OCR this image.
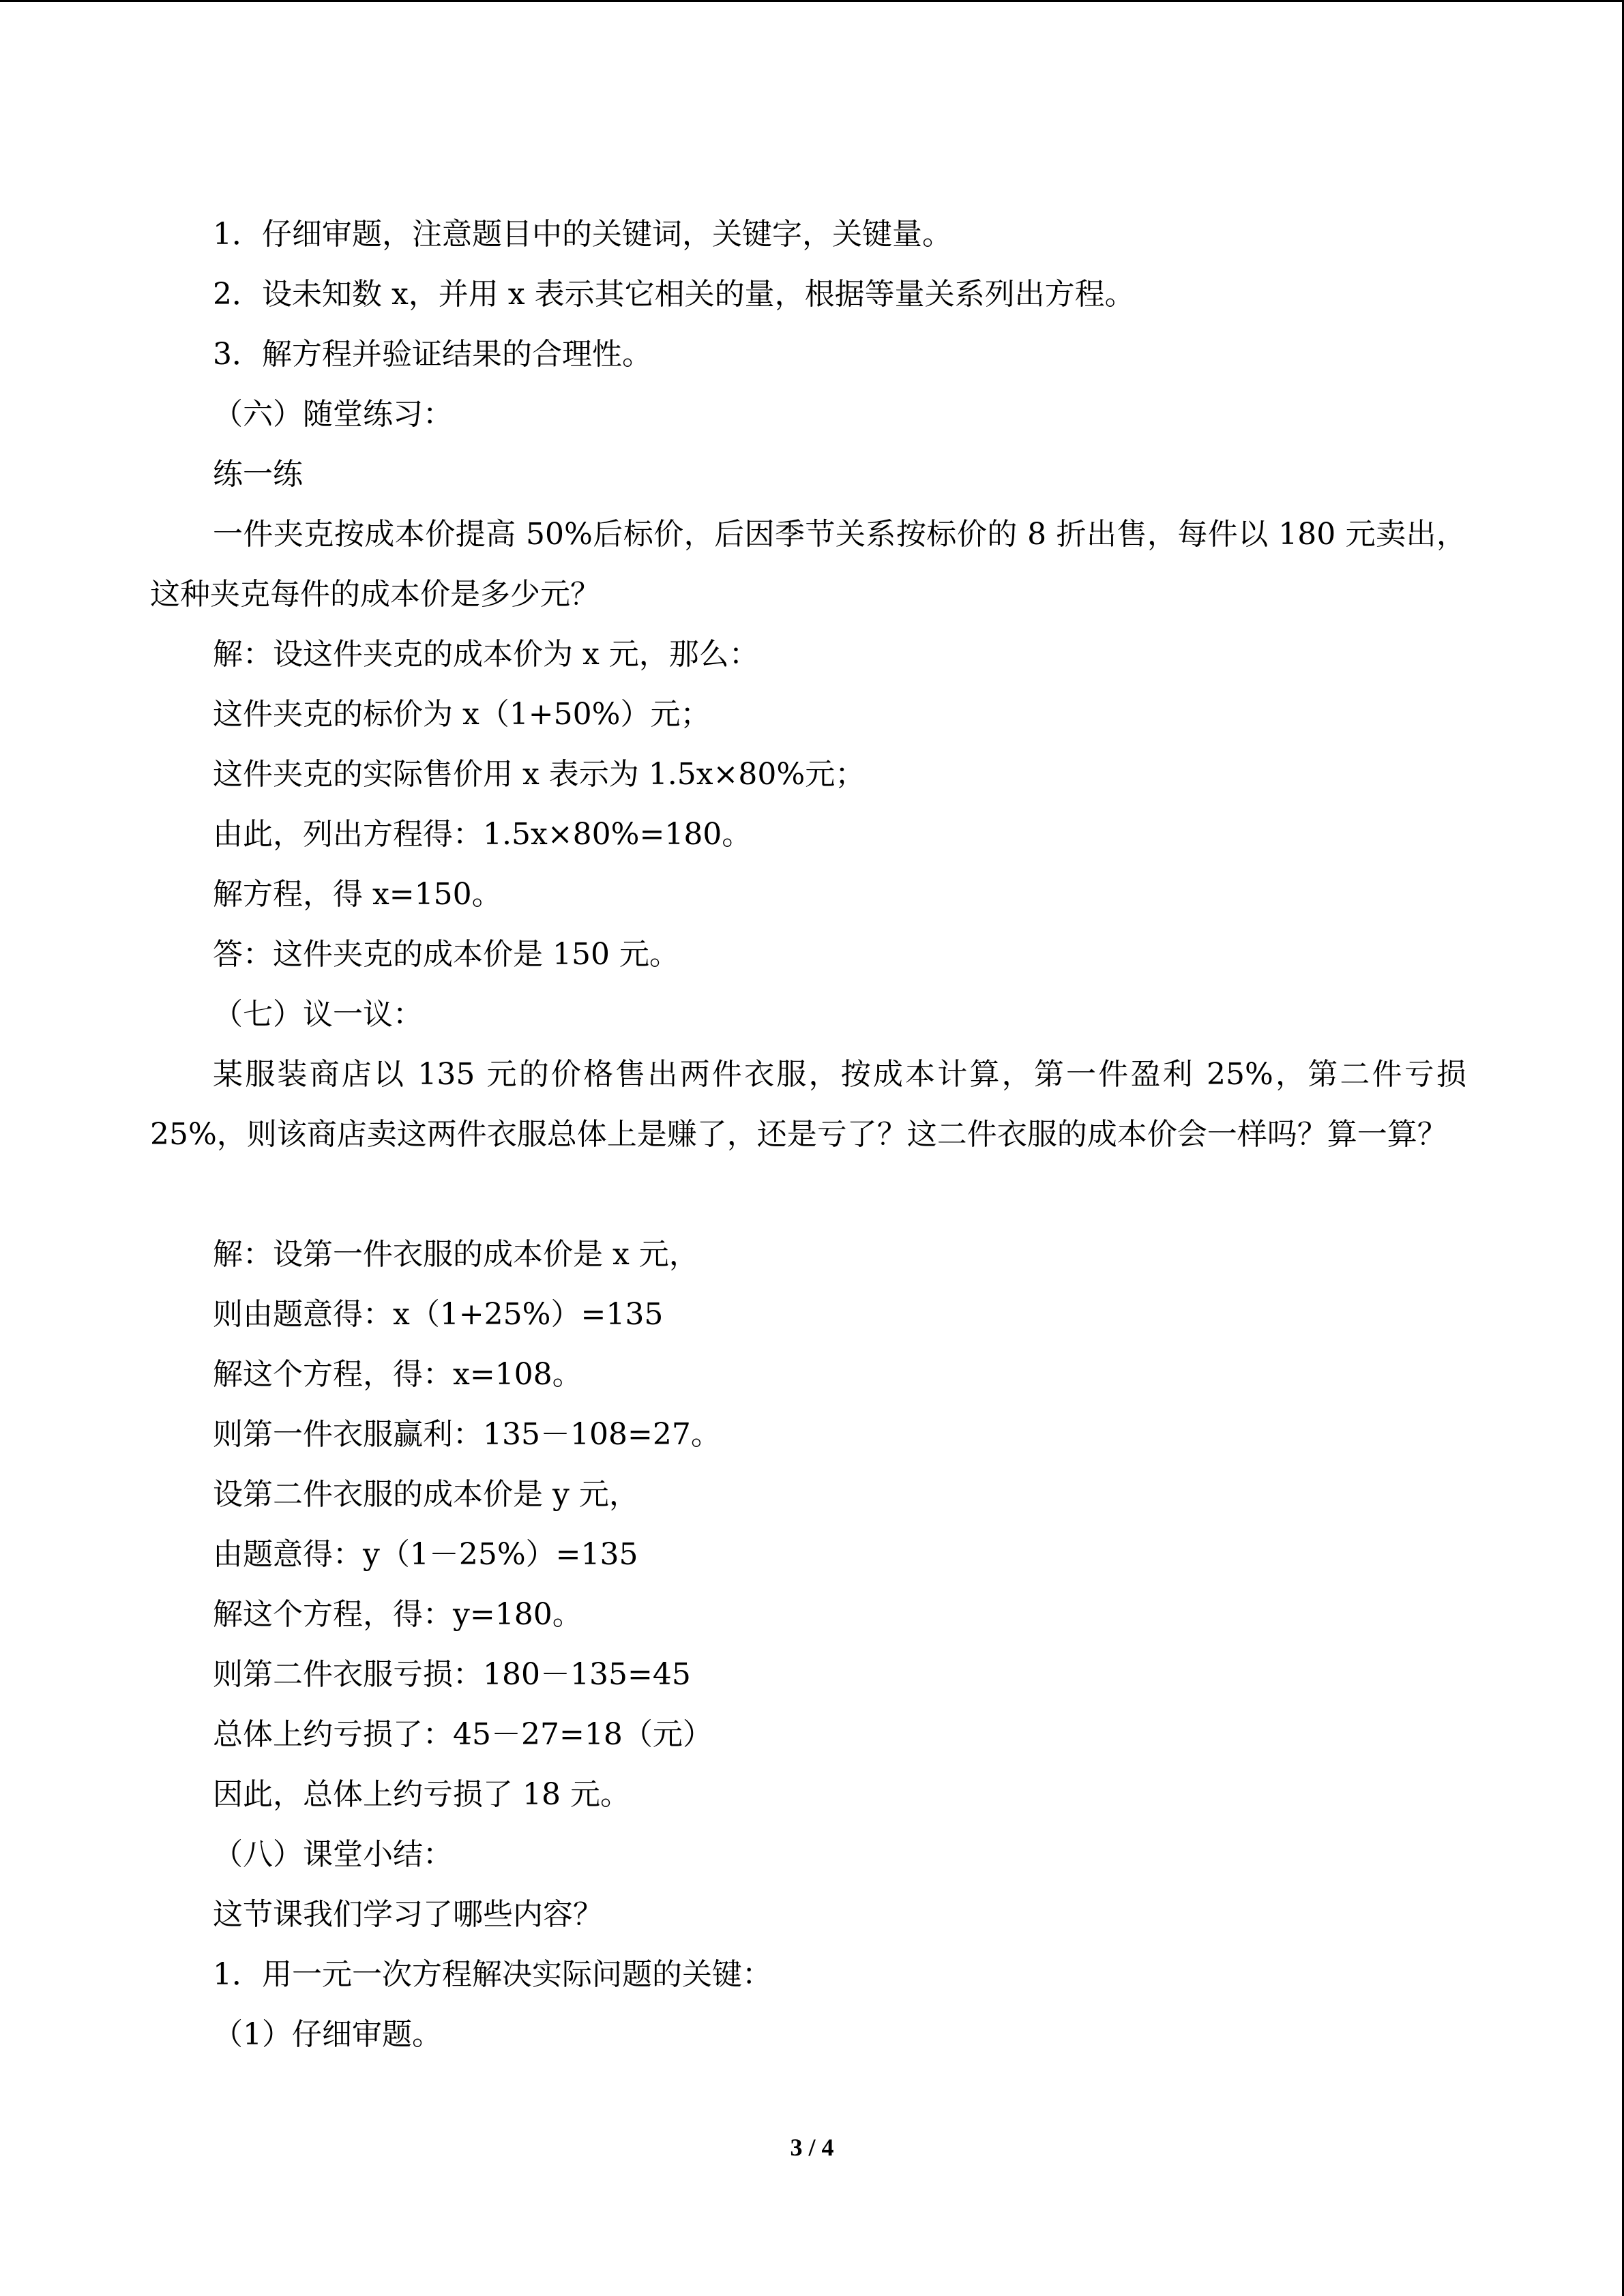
1．仔细审题，注意题目中的关键词，关键字，关键量。
2．设未知数 x，并用 x 表示其它相关的量，根据等量关系列出方程。
3．解方程并验证结果的合理性。
（六）随堂练习：
练一练

一件夹克按成本价提高 50%后标价，后因季节关系按标价的 8 折出售，每件以 180 元卖出，这种夹克每件的成本价是多少元？

解：设这件夹克的成本价为 x 元，那么：
这件夹克的标价为 x（1+50%）元；
这件夹克的实际售价用 x 表示为 1.5x×80%元；
由此，列出方程得：1.5x×80%=180。
解方程，得 x=150。
答：这件夹克的成本价是 150 元。
（七）议一议：

某服装商店以 135 元的价格售出两件衣服，按成本计算，第一件盈利 25%，第二件亏损 25%，则该商店卖这两件衣服总体上是赚了，还是亏了？这二件衣服的成本价会一样吗？算一算？

解：设第一件衣服的成本价是 x 元，
则由题意得：x（1+25%）=135
解这个方程，得：x=108。
则第一件衣服赢利：135－108=27。
设第二件衣服的成本价是 y 元，
由题意得：y（1－25%）=135
解这个方程，得：y=180。
则第二件衣服亏损：180－135=45
总体上约亏损了：45－27=18（元）
因此，总体上约亏损了 18 元。
（八）课堂小结：
这节课我们学习了哪些内容？
1．用一元一次方程解决实际问题的关键：
（1）仔细审题。
3 / 4
